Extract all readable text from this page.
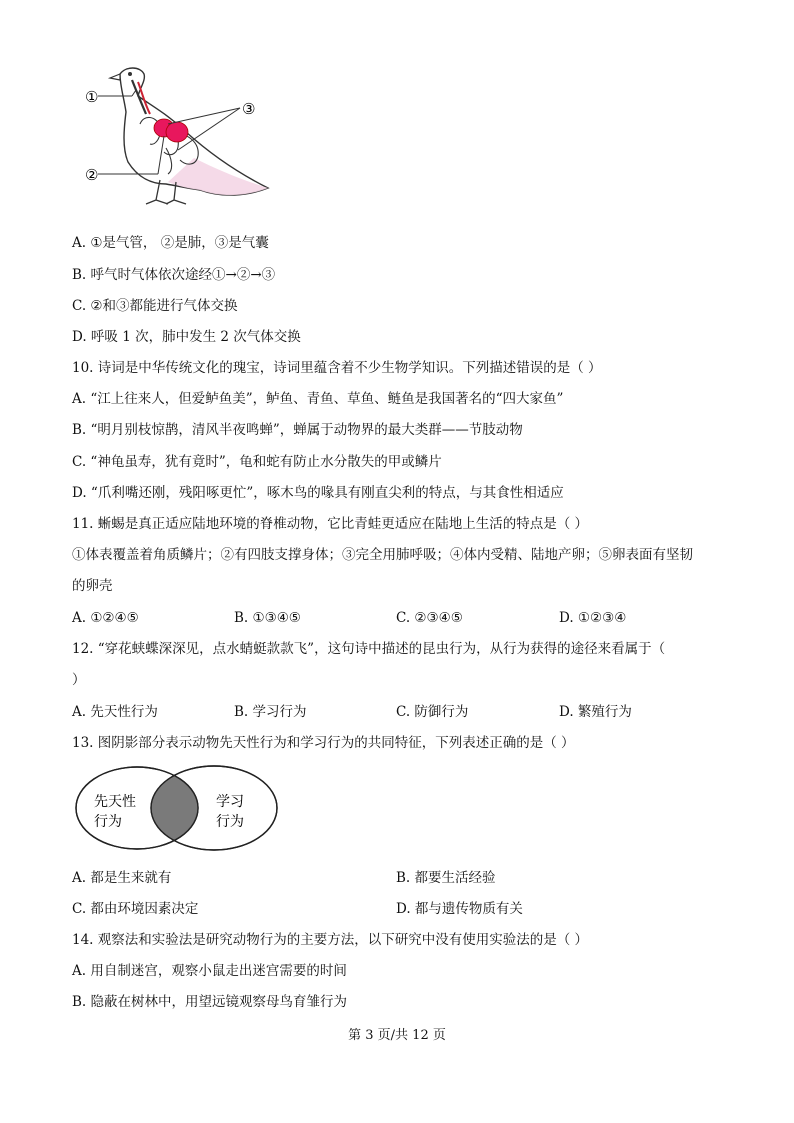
①
②
③
A. ①是气管， ②是肺，③是气囊
B. 呼气时气体依次途经①→②→③
C. ②和③都能进行气体交换
D. 呼吸 1 次，肺中发生 2 次气体交换
10. 诗词是中华传统文化的瑰宝，诗词里蕴含着不少生物学知识。下列描述错误的是（ ）
A. “江上往来人，但爱鲈鱼美”，鲈鱼、青鱼、草鱼、鲢鱼是我国著名的“四大家鱼”
B. “明月别枝惊鹊，清风半夜鸣蝉”，蝉属于动物界的最大类群——节肢动物
C. “神龟虽寿，犹有竟时”，龟和蛇有防止水分散失的甲或鳞片
D. “爪利嘴还刚，残阳啄更忙”，啄木鸟的喙具有刚直尖利的特点，与其食性相适应
11. 蜥蜴是真正适应陆地环境的脊椎动物，它比青蛙更适应在陆地上生活的特点是（ ）
①体表覆盖着角质鳞片；②有四肢支撑身体；③完全用肺呼吸；④体内受精、陆地产卵；⑤卵表面有坚韧
的卵壳
A. ①②④⑤	B. ①③④⑤	C. ②③④⑤	D. ①②③④
12. “穿花蛱蝶深深见，点水蜻蜓款款飞”，这句诗中描述的昆虫行为，从行为获得的途径来看属于（
）
A. 先天性行为	B. 学习行为	C. 防御行为	D. 繁殖行为
13. 图阴影部分表示动物先天性行为和学习行为的共同特征，下列表述正确的是（ ）
先天性
行为
学习
行为
A. 都是生来就有	B. 都要生活经验
C. 都由环境因素决定	D. 都与遗传物质有关
14. 观察法和实验法是研究动物行为的主要方法，以下研究中没有使用实验法的是（ ）
A. 用自制迷宫，观察小鼠走出迷宫需要的时间
B. 隐蔽在树林中，用望远镜观察母鸟育雏行为
第 3 页/共 12 页
